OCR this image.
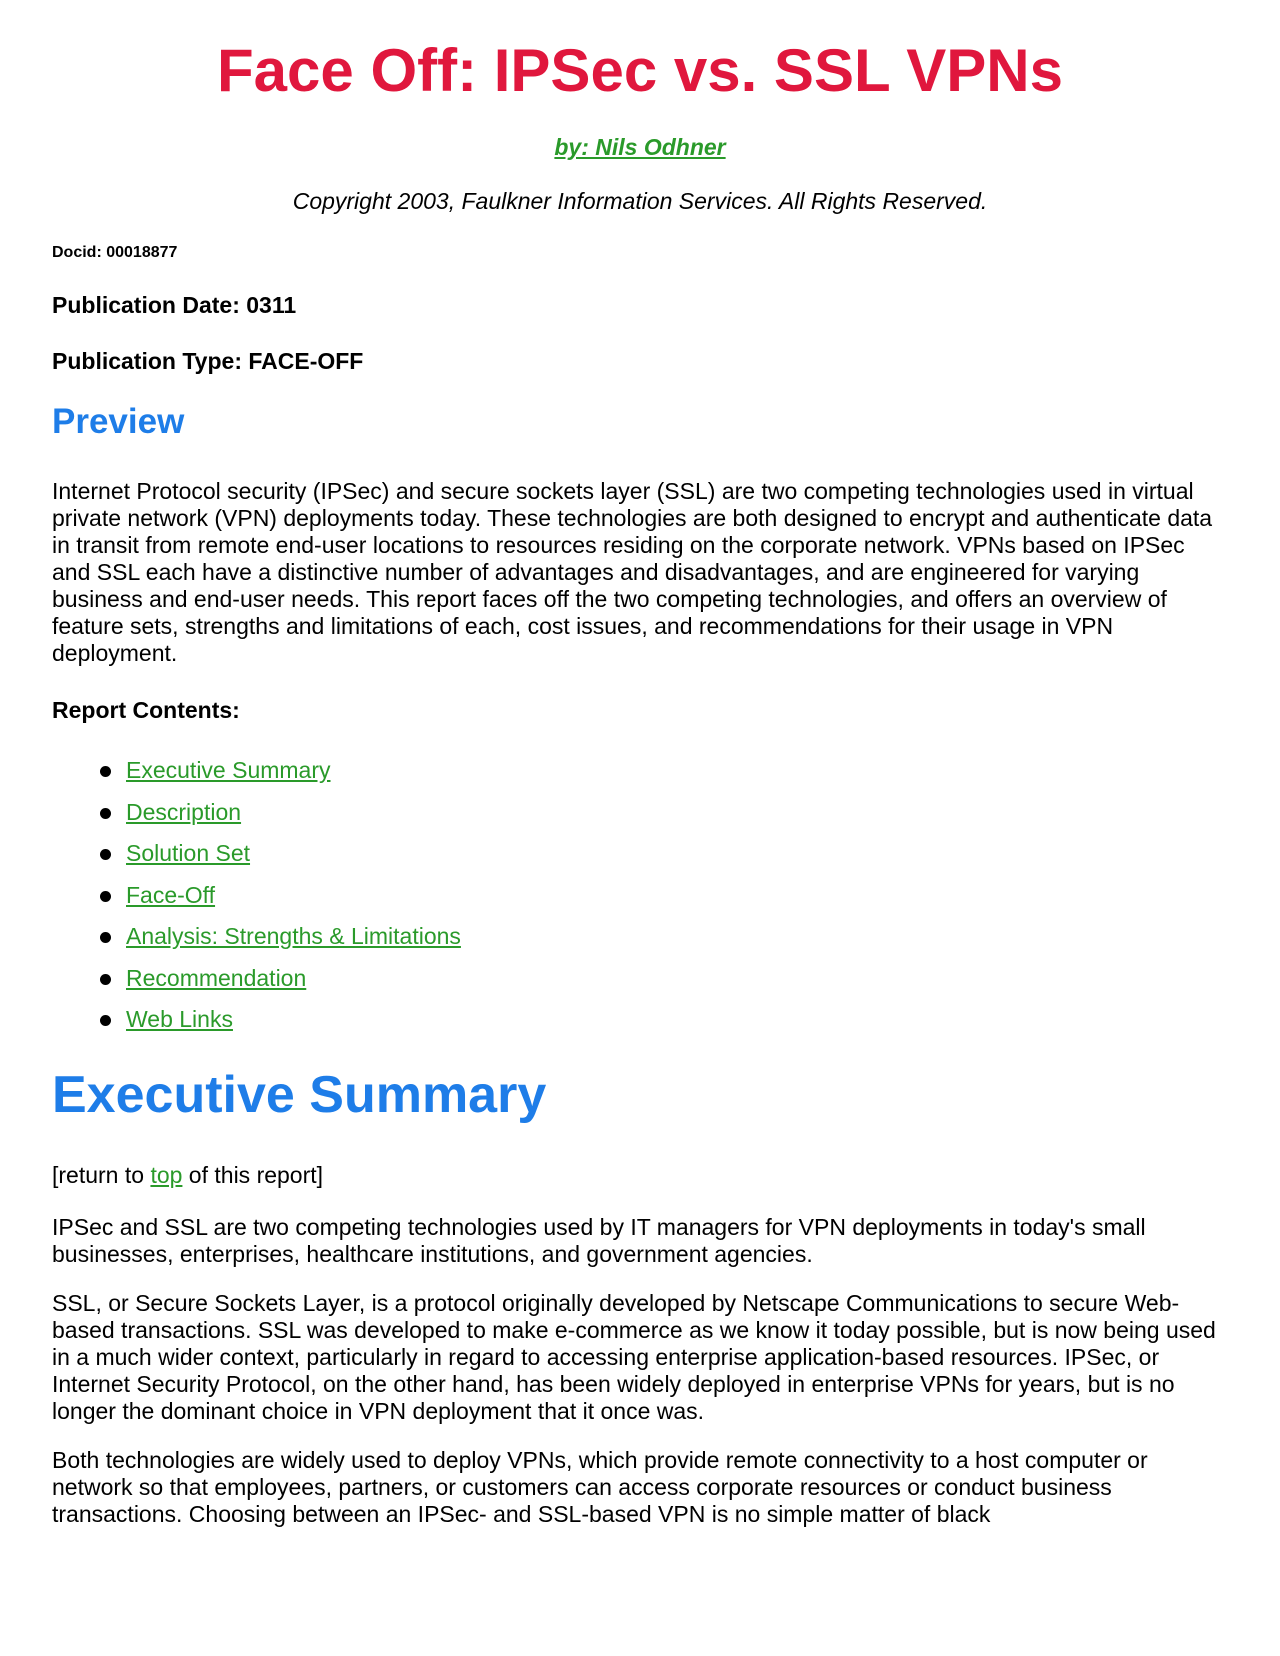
Face Off: IPSec vs. SSL VPNs

by: Nils Odhner

Copyright 2003, Faulkner Information Services. All Rights Reserved.

Docid: 00018877

Publication Date: 0311

Publication Type: FACE-OFF

Preview

Internet Protocol security (IPSec) and secure sockets layer (SSL) are two competing technologies used in virtual private network (VPN) deployments today. These technologies are both designed to encrypt and authenticate data in transit from remote end-user locations to resources residing on the corporate network. VPNs based on IPSec and SSL each have a distinctive number of advantages and disadvantages, and are engineered for varying business and end-user needs. This report faces off the two competing technologies, and offers an overview of feature sets, strengths and limitations of each, cost issues, and recommendations for their usage in VPN deployment.

Report Contents:

Executive Summary
Description
Solution Set
Face-Off
Analysis: Strengths & Limitations
Recommendation
Web Links
Executive Summary

[return to top of this report]

IPSec and SSL are two competing technologies used by IT managers for VPN deployments in today's small businesses, enterprises, healthcare institutions, and government agencies.

SSL, or Secure Sockets Layer, is a protocol originally developed by Netscape Communications to secure Web-based transactions. SSL was developed to make e-commerce as we know it today possible, but is now being used in a much wider context, particularly in regard to accessing enterprise application-based resources. IPSec, or Internet Security Protocol, on the other hand, has been widely deployed in enterprise VPNs for years, but is no longer the dominant choice in VPN deployment that it once was.

Both technologies are widely used to deploy VPNs, which provide remote connectivity to a host computer or network so that employees, partners, or customers can access corporate resources or conduct business transactions. Choosing between an IPSec- and SSL-based VPN is no simple matter of black
